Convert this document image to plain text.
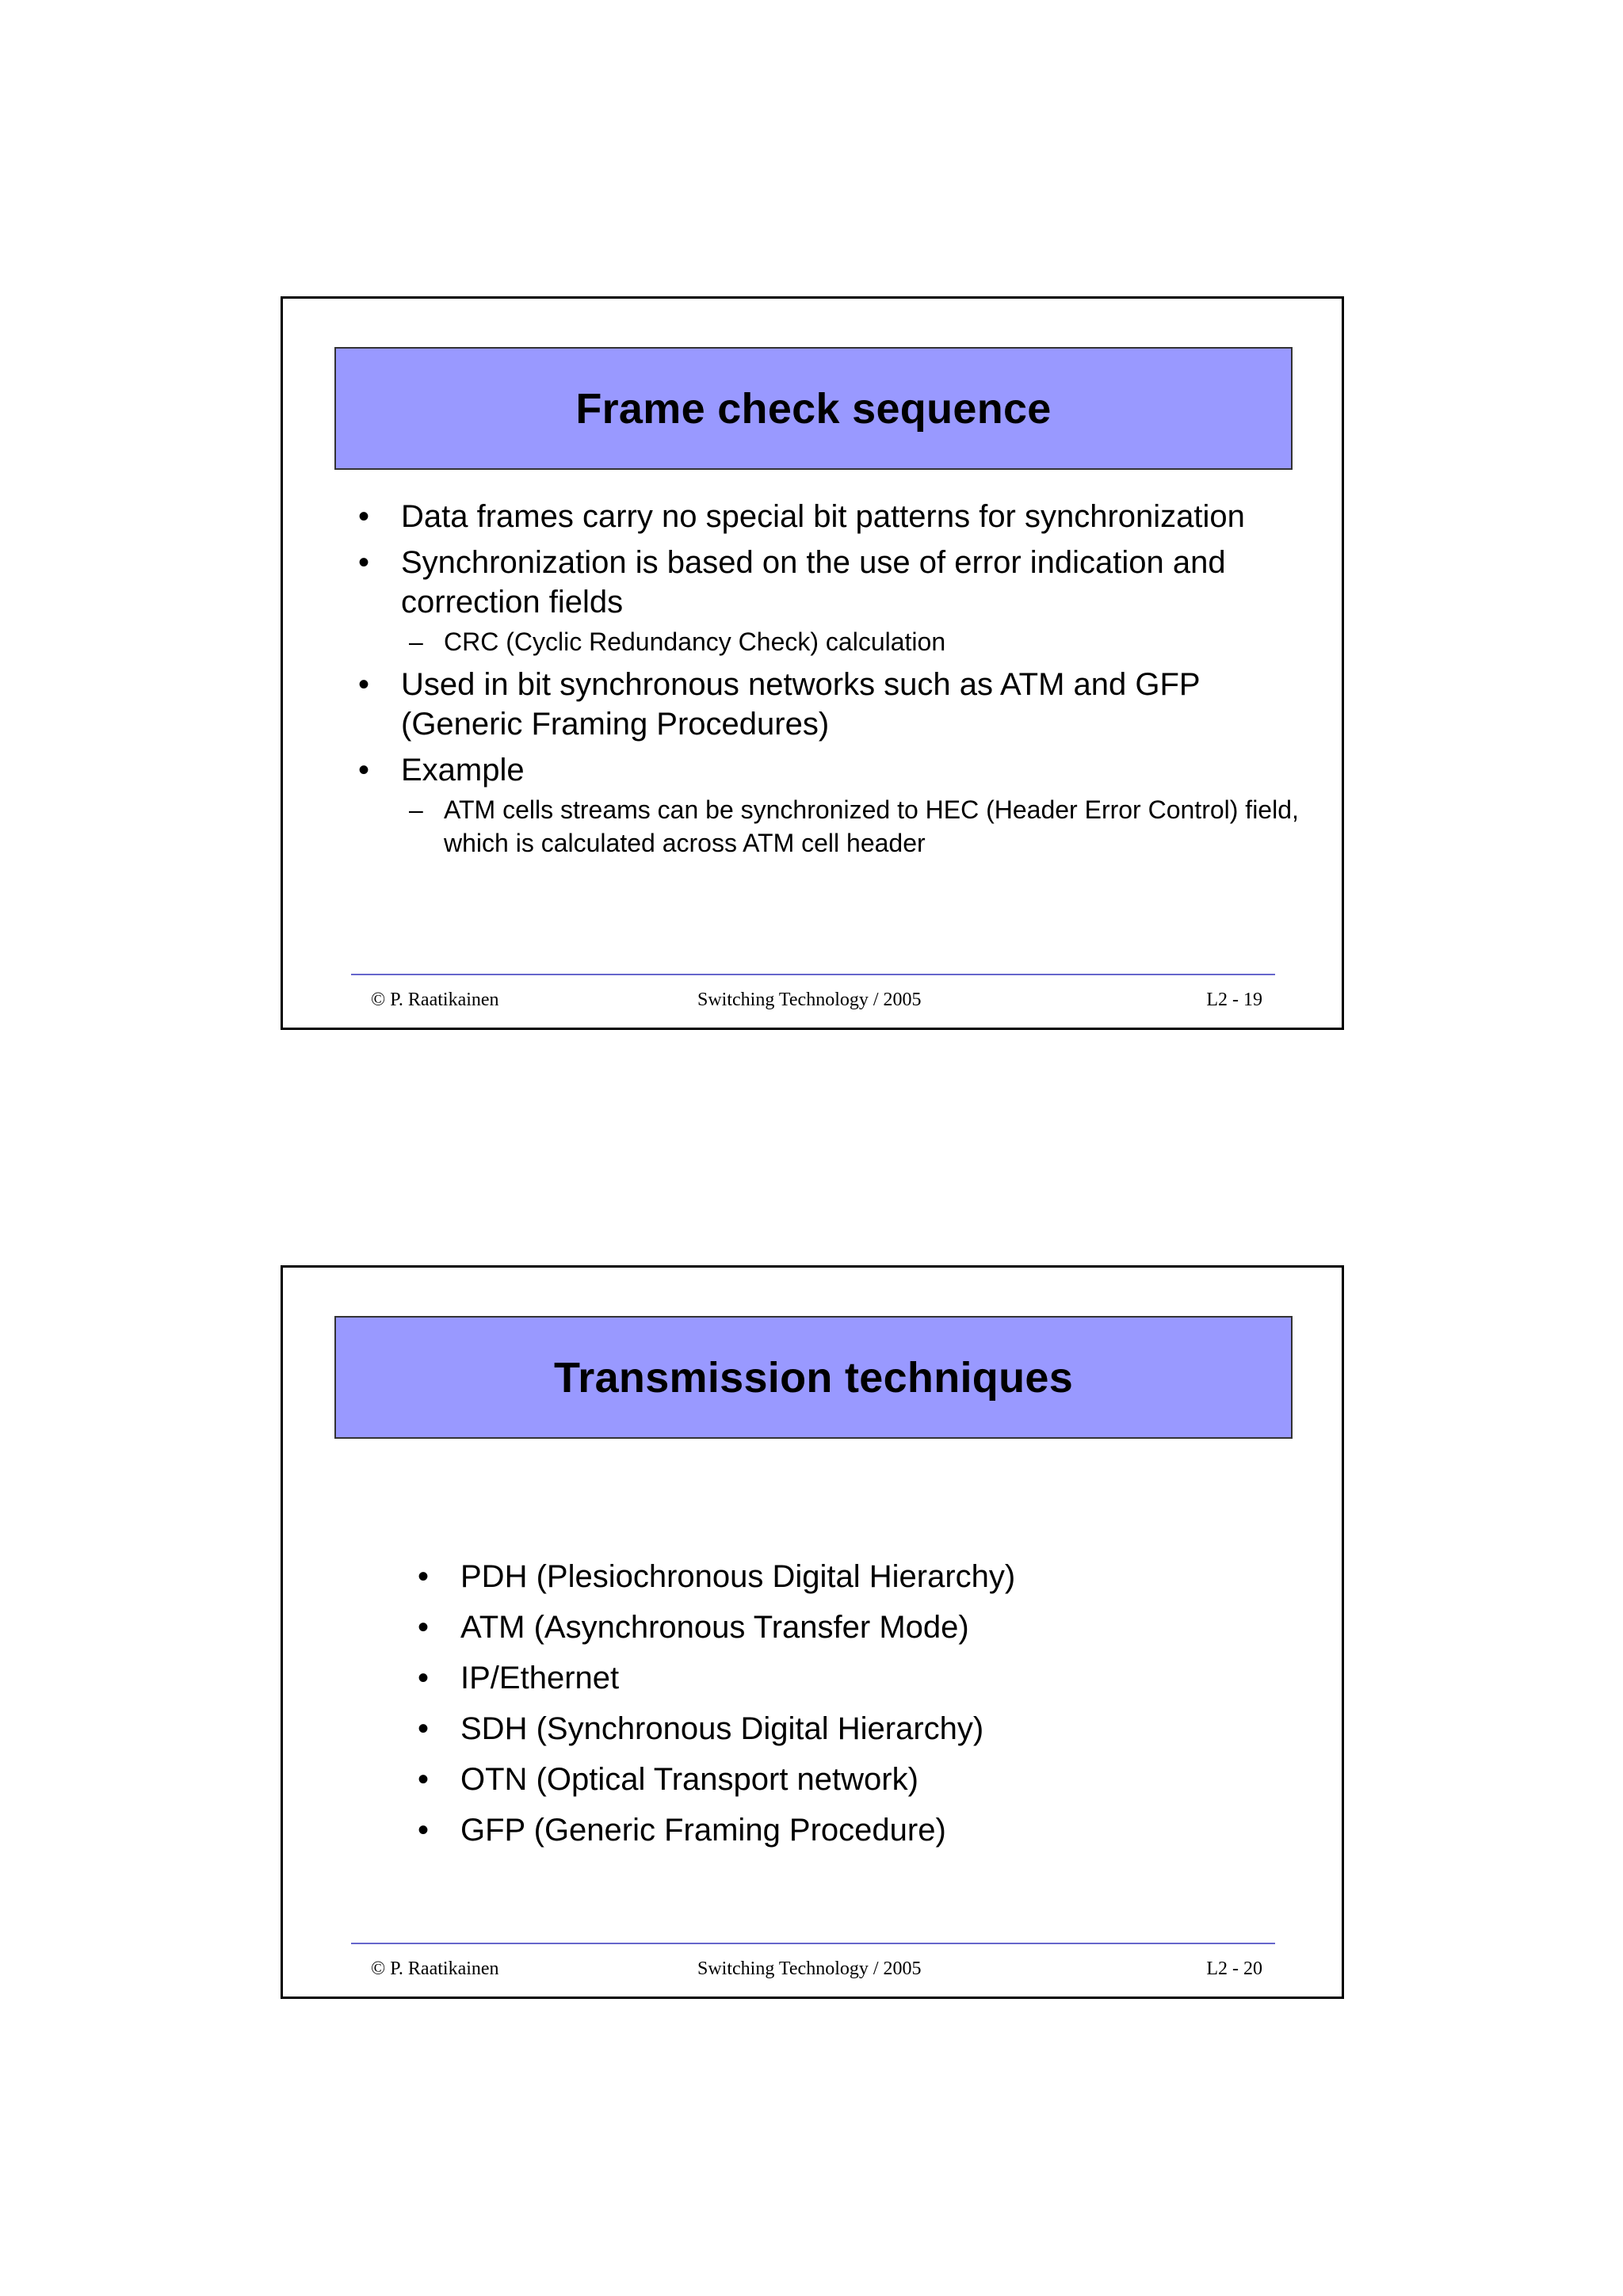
Frame check sequence
• Data frames carry no special bit patterns for synchronization
• Synchronization is based on the use of error indication and correction fields
– CRC (Cyclic Redundancy Check) calculation
• Used in bit synchronous networks such as ATM and GFP (Generic Framing Procedures)
• Example
– ATM cells streams can be synchronized to HEC (Header Error Control) field, which is calculated across ATM cell header
© P. Raatikainen	Switching Technology / 2005	L2 - 19
Transmission techniques
• PDH (Plesiochronous Digital Hierarchy)
• ATM (Asynchronous Transfer Mode)
• IP/Ethernet
• SDH (Synchronous Digital Hierarchy)
• OTN (Optical Transport network)
• GFP (Generic Framing Procedure)
© P. Raatikainen	Switching Technology / 2005	L2 - 20
